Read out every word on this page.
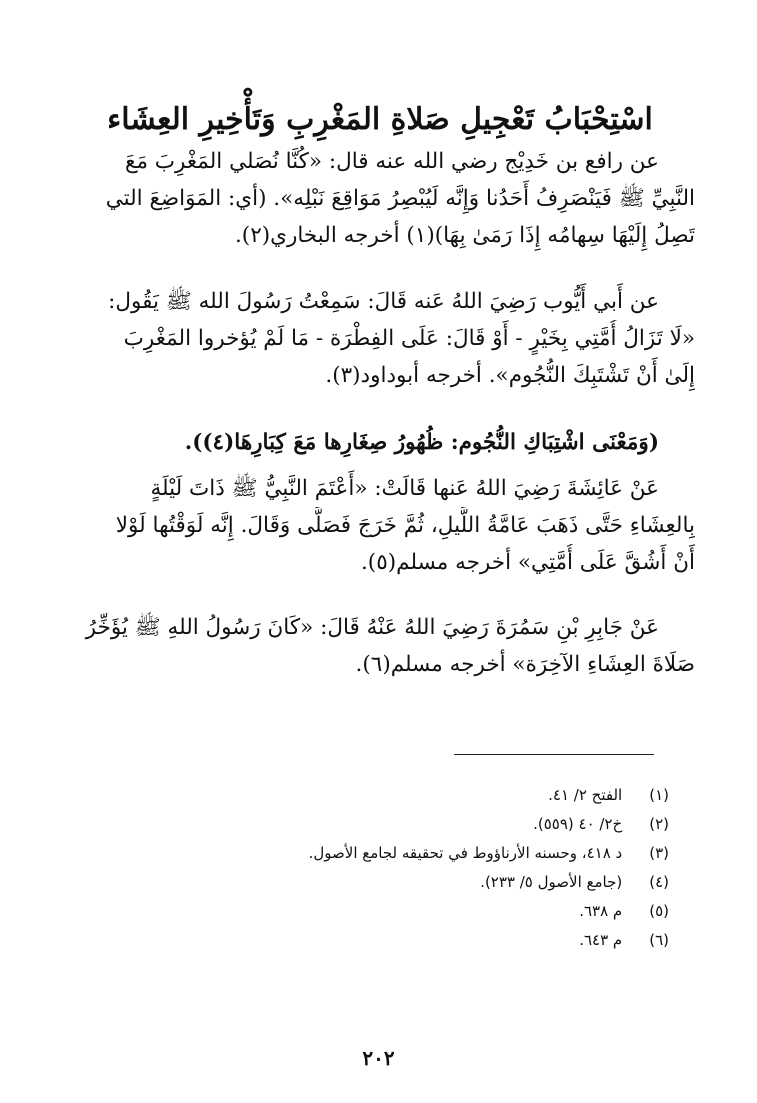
اسْتِحْبَابُ تَعْجِيلِ صَلاةِ المَغْرِبِ وَتَأْخِيرِ العِشَاء
عن رافع بن خَدِيْج رضي الله عنه قال: «كُنَّا نُصَلي المَغْرِبَ مَعَ
النَّبِيِّ ﷺ فَيَنْصَرِفُ أَحَدُنا وَإِنَّه لَيُبْصِرُ مَوَاقِعَ نَبْلِه». (أي: المَوَاضِعَ التي
تَصِلُ إِلَيْهَا سِهامُه إِذَا رَمَىٰ بِهَا)(١) أخرجه البخاري(٢).
عن أَبي أَيُّوب رَضِيَ اللهُ عَنه قَالَ: سَمِعْتُ رَسُولَ الله ﷺ يَقُول:
«لَا تَزَالُ أُمَّتِي بِخَيْرٍ - أَوْ قَالَ: عَلَى الفِطْرَة - مَا لَمْ يُؤخروا المَغْرِبَ
إِلَىٰ أَنْ تَشْتَبِكَ النُّجُوم». أخرجه أبوداود(٣).
(وَمَعْنَى اشْتِبَاكِ النُّجُوم: ظُهُورُ صِغَارِها مَعَ كِبَارِهَا(٤)).
عَنْ عَائِشَةَ رَضِيَ اللهُ عَنها قَالَتْ: «أَعْتَمَ النَّبِيُّ ﷺ ذَاتَ لَيْلَةٍ
بِالعِشَاءِ حَتَّى ذَهَبَ عَامَّةُ اللَّيلِ، ثُمَّ خَرَجَ فَصَلَّى وَقَالَ. إِنَّه لَوَقْتُها لَوْلا
أَنْ أَشُقَّ عَلَى أُمَّتِي» أخرجه مسلم(٥).
عَنْ جَابِرِ بْنِ سَمُرَةَ رَضِيَ اللهُ عَنْهُ قَالَ: «كَانَ رَسُولُ اللهِ ﷺ يُؤَخِّرُ
صَلَاةَ العِشَاءِ الآخِرَة» أخرجه مسلم(٦).
(١) الفتح ٢/ ٤١.
(٢) خ٢/ ٤٠ (٥٥٩).
(٣) د ٤١٨، وحسنه الأرناؤوط في تحقيقه لجامع الأصول.
(٤) (جامع الأصول ٥/ ٢٣٣).
(٥) م ٦٣٨.
(٦) م ٦٤٣.
٢٠٢
